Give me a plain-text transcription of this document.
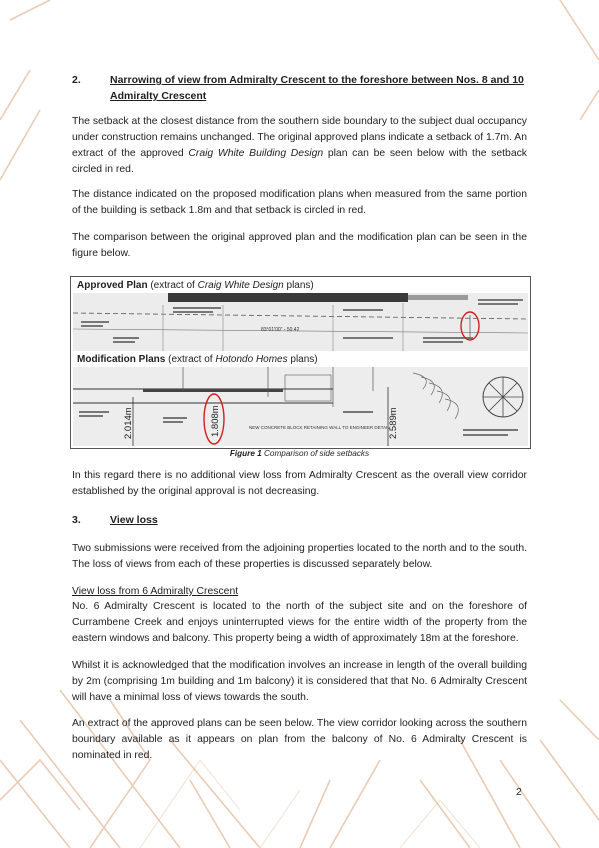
2.	Narrowing of view from Admiralty Crescent to the foreshore between Nos. 8 and 10 Admiralty Crescent

The setback at the closest distance from the southern side boundary to the subject dual occupancy under construction remains unchanged. The original approved plans indicate a setback of 1.7m. An extract of the approved Craig White Building Design plan can be seen below with the setback circled in red.

The distance indicated on the proposed modification plans when measured from the same portion of the building is setback 1.8m and that setback is circled in red.

The comparison between the original approved plan and the modification plan can be seen in the figure below.

Approved Plan (extract of Craig White Design plans)
83°01'00" - 50.42
Modification Plans (extract of Hotondo Homes plans)
2.014m	1.808m	2.589m
NEW CONCRETE BLOCK RETAINING WALL TO ENGINEER DETAIL
Figure 1 Comparison of side setbacks

In this regard there is no additional view loss from Admiralty Crescent as the overall view corridor established by the original approval is not decreasing.

3.	View loss

Two submissions were received from the adjoining properties located to the north and to the south. The loss of views from each of these properties is discussed separately below.

View loss from 6 Admiralty Crescent

No. 6 Admiralty Crescent is located to the north of the subject site and on the foreshore of Currambene Creek and enjoys uninterrupted views for the entire width of the property from the eastern windows and balcony. This property being a width of approximately 18m at the foreshore.

Whilst it is acknowledged that the modification involves an increase in length of the overall building by 2m (comprising 1m building and 1m balcony) it is considered that that No. 6 Admiralty Crescent will have a minimal loss of views towards the south.

An extract of the approved plans can be seen below. The view corridor looking across the southern boundary available as it appears on plan from the balcony of No. 6 Admiralty Crescent is nominated in red.

2
